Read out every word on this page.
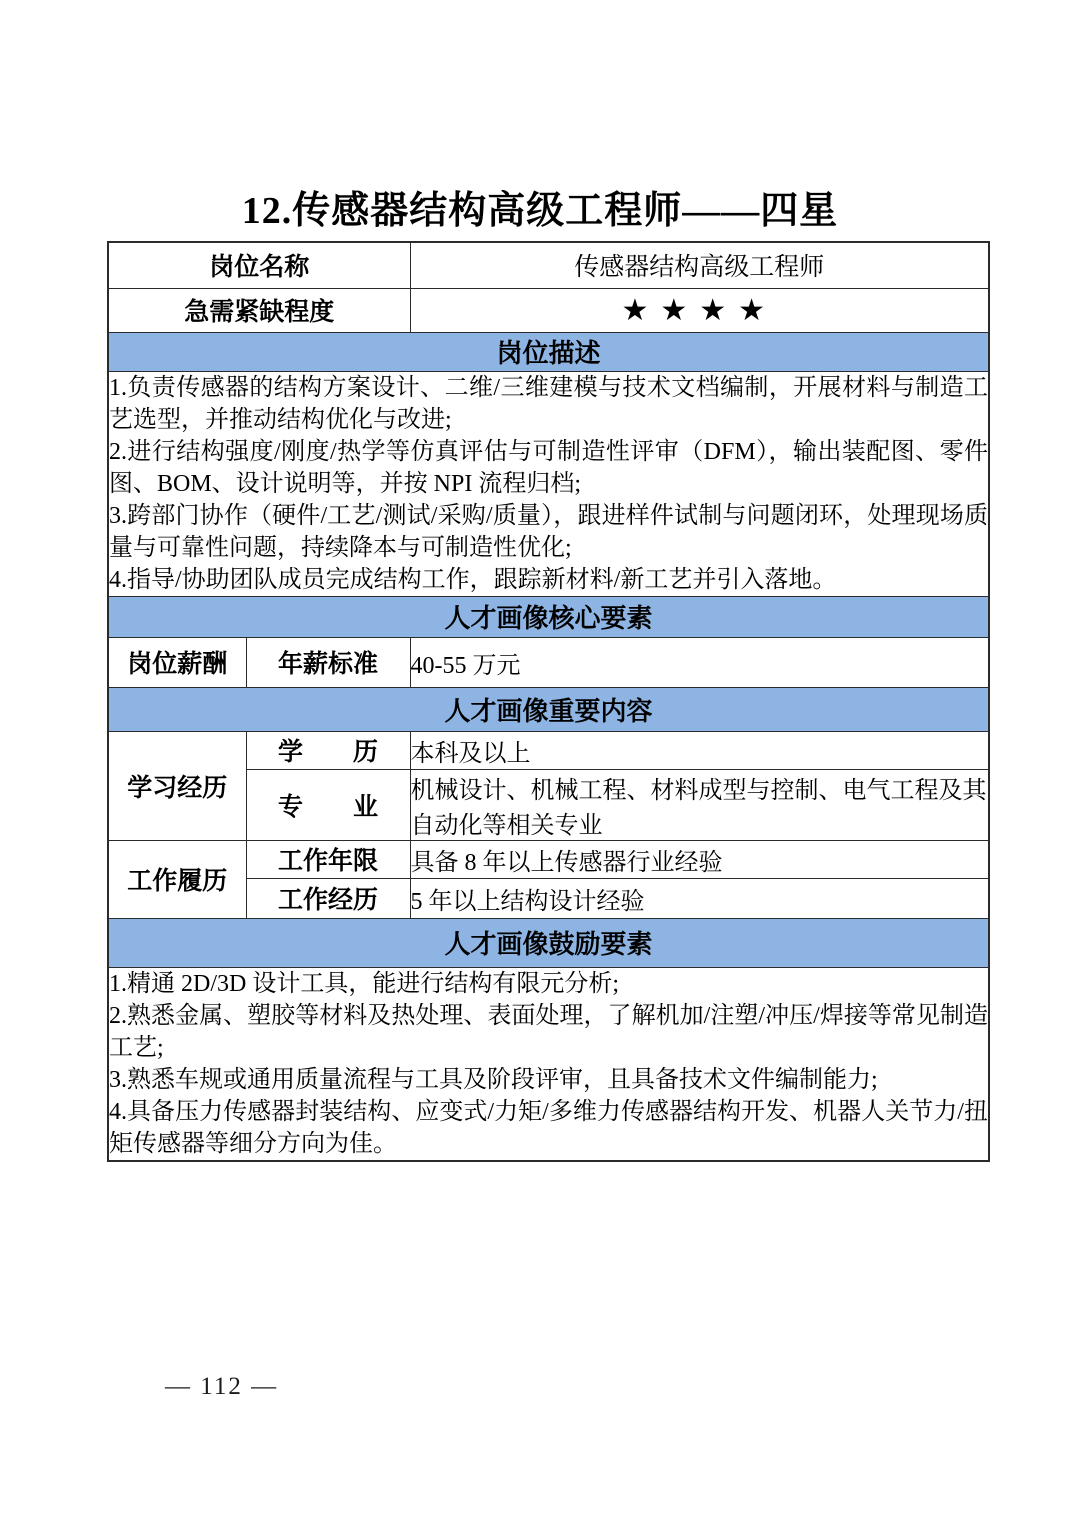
12.传感器结构高级工程师——四星
岗位名称		传感器结构高级工程师
急需紧缺程度		★★★★
岗位描述		

1.负责传感器的结构方案设计、二维/三维建模与技术文档编制，开展材料与制造工艺选型，并推动结构优化与改进;

2.进行结构强度/刚度/热学等仿真评估与可制造性评审（DFM），输出装配图、零件图、BOM、设计说明等，并按 NPI 流程归档;

3.跨部门协作（硬件/工艺/测试/采购/质量），跟进样件试制与问题闭环，处理现场质量与可靠性问题，持续降本与可制造性优化;

4.指导/协助团队成员完成结构工作，跟踪新材料/新工艺并引入落地。		

人才画像核心要素		
岗位薪酬	年薪标准	40-55 万元
人才画像重要内容		
学习经历	学　　历	本科及以上
	专　　业	机械设计、机械工程、材料成型与控制、电气工程及其自动化等相关专业
工作履历	工作年限	具备 8 年以上传感器行业经验
	工作经历	5 年以上结构设计经验
人才画像鼓励要素		

1.精通 2D/3D 设计工具，能进行结构有限元分析;

2.熟悉金属、塑胶等材料及热处理、表面处理，了解机加/注塑/冲压/焊接等常见制造工艺;

3.熟悉车规或通用质量流程与工具及阶段评审，且具备技术文件编制能力;

4.具备压力传感器封装结构、应变式/力矩/多维力传感器结构开发、机器人关节力/扭矩传感器等细分方向为佳。		

— 112 —
